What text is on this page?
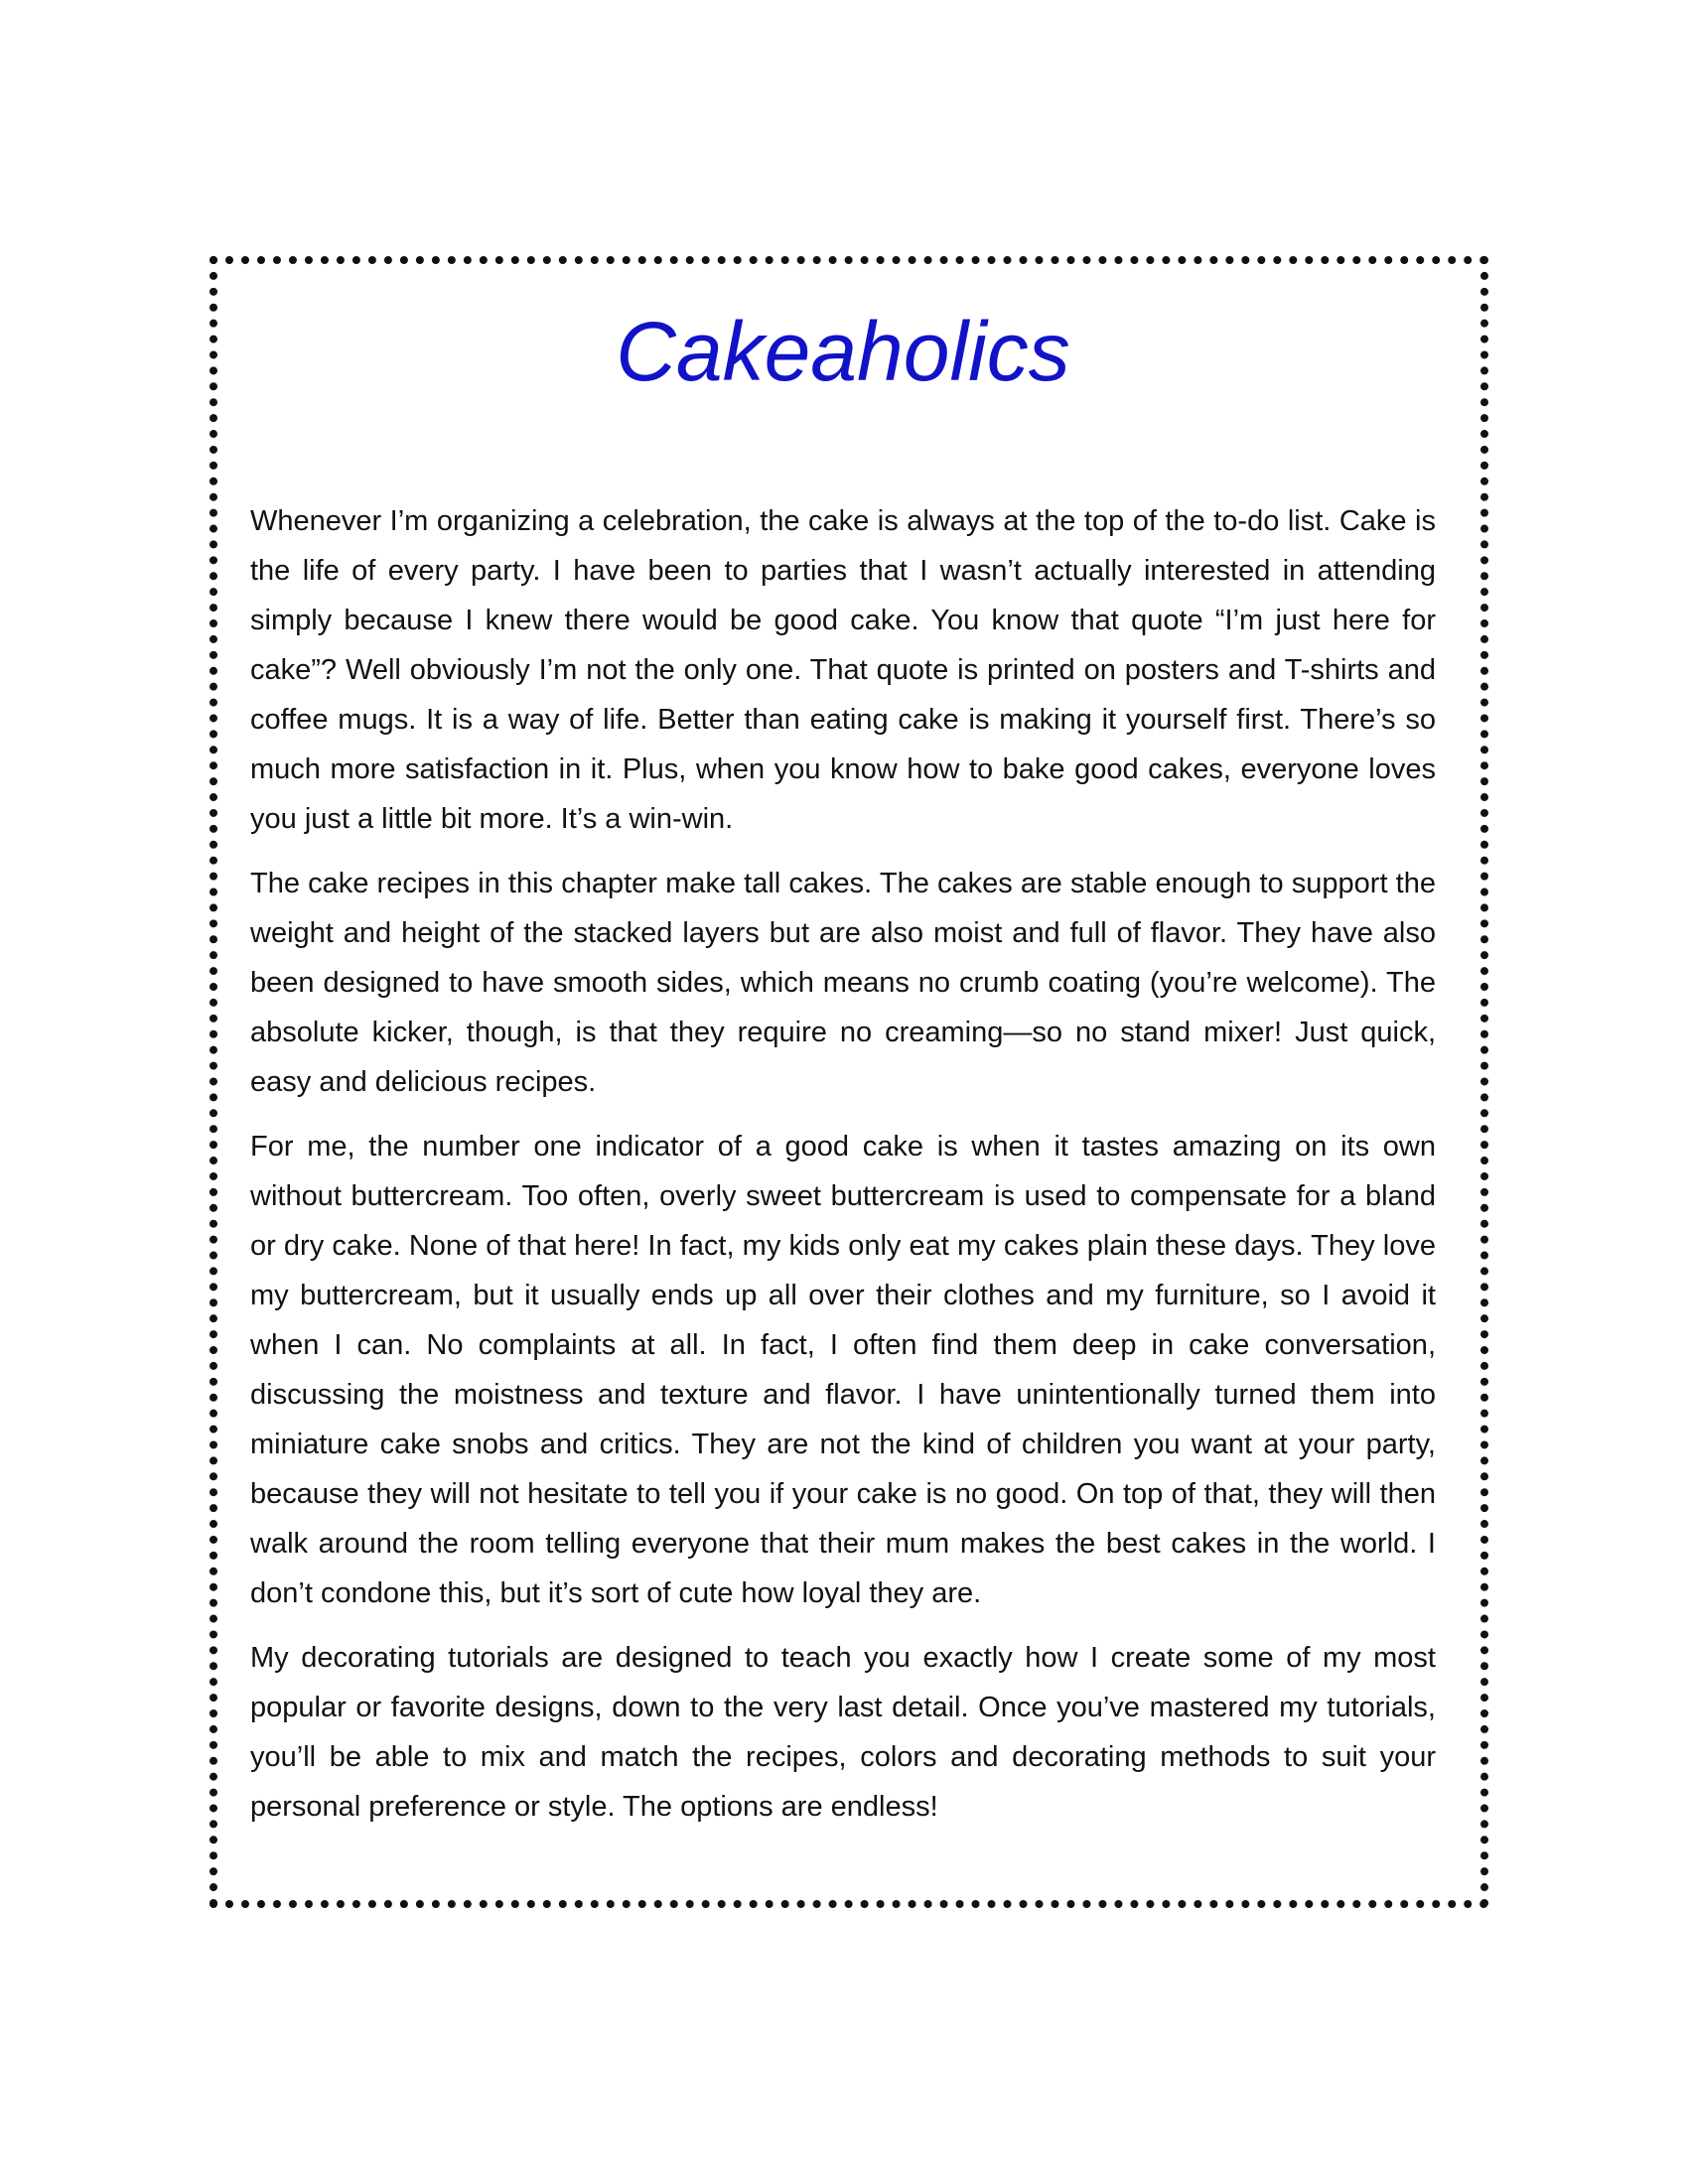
Cakeaholics

Whenever I’m organizing a celebration, the cake is always at the top of the to-do list. Cake is the life of every party. I have been to parties that I wasn’t actually interested in attending simply because I knew there would be good cake. You know that quote “I’m just here for cake”? Well obviously I’m not the only one. That quote is printed on posters and T-shirts and coffee mugs. It is a way of life. Better than eating cake is making it yourself first. There’s so much more satisfaction in it. Plus, when you know how to bake good cakes, everyone loves you just a little bit more. It’s a win-win.

The cake recipes in this chapter make tall cakes. The cakes are stable enough to support the weight and height of the stacked layers but are also moist and full of flavor. They have also been designed to have smooth sides, which means no crumb coating (you’re welcome). The absolute kicker, though, is that they require no creaming—so no stand mixer! Just quick, easy and delicious recipes.

For me, the number one indicator of a good cake is when it tastes amazing on its own without buttercream. Too often, overly sweet buttercream is used to compensate for a bland or dry cake. None of that here! In fact, my kids only eat my cakes plain these days. They love my buttercream, but it usually ends up all over their clothes and my furniture, so I avoid it when I can. No complaints at all. In fact, I often find them deep in cake conversation, discussing the moistness and texture and flavor. I have unintentionally turned them into miniature cake snobs and critics. They are not the kind of children you want at your party, because they will not hesitate to tell you if your cake is no good. On top of that, they will then walk around the room telling everyone that their mum makes the best cakes in the world. I don’t condone this, but it’s sort of cute how loyal they are.

My decorating tutorials are designed to teach you exactly how I create some of my most popular or favorite designs, down to the very last detail. Once you’ve mastered my tutorials, you’ll be able to mix and match the recipes, colors and decorating methods to suit your personal preference or style. The options are endless!
